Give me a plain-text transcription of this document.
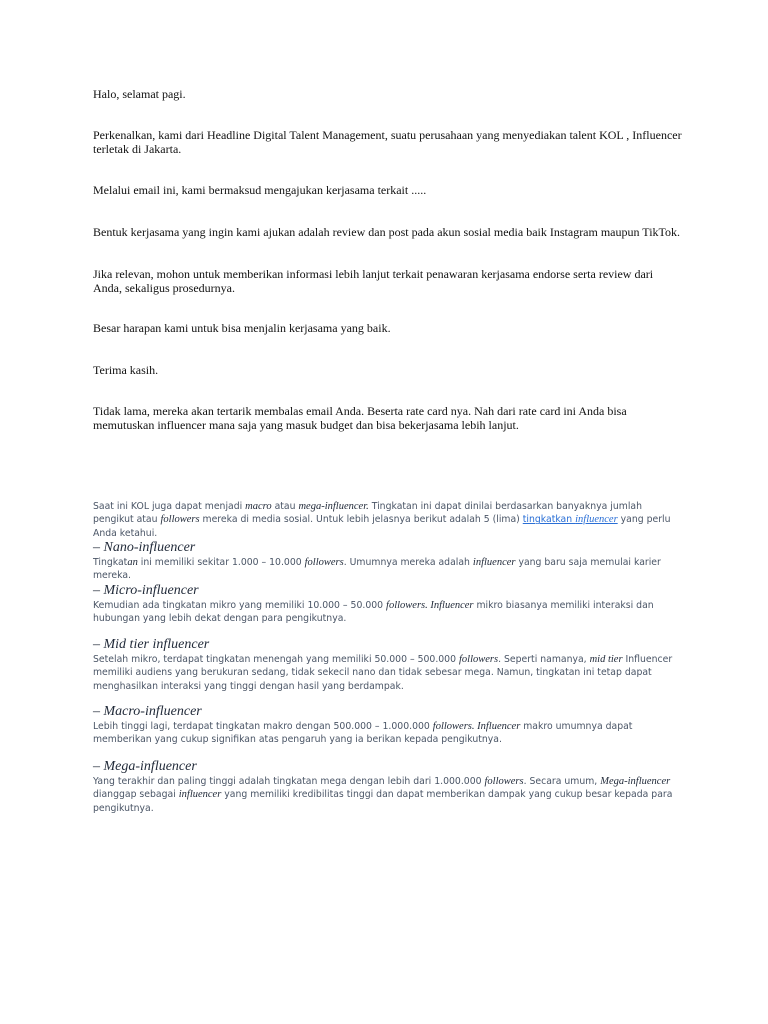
Halo, selamat pagi.
Perkenalkan, kami dari Headline Digital Talent Management, suatu perusahaan yang menyediakan talent KOL , Influencer terletak di Jakarta.
Melalui email ini, kami bermaksud mengajukan kerjasama terkait .....
Bentuk kerjasama yang ingin kami ajukan adalah review dan post pada akun sosial media baik Instagram maupun TikTok.
Jika relevan, mohon untuk memberikan informasi lebih lanjut terkait penawaran kerjasama endorse serta review dari Anda, sekaligus prosedurnya.
Besar harapan kami untuk bisa menjalin kerjasama yang baik.
Terima kasih.
Tidak lama, mereka akan tertarik membalas email Anda. Beserta rate card nya. Nah dari rate card ini Anda bisa memutuskan influencer mana saja yang masuk budget dan bisa bekerjasama lebih lanjut.
Saat ini KOL juga dapat menjadi macro atau mega-influencer. Tingkatan ini dapat dinilai berdasarkan banyaknya jumlah pengikut atau followers mereka di media sosial. Untuk lebih jelasnya berikut adalah 5 (lima) tingkatkan influencer yang perlu Anda ketahui.
– Nano-influencer
Tingkatan ini memiliki sekitar 1.000 – 10.000 followers. Umumnya mereka adalah influencer yang baru saja memulai karier mereka.
– Micro-influencer
Kemudian ada tingkatan mikro yang memiliki 10.000 – 50.000 followers. Influencer mikro biasanya memiliki interaksi dan hubungan yang lebih dekat dengan para pengikutnya.
– Mid tier influencer
Setelah mikro, terdapat tingkatan menengah yang memiliki 50.000 – 500.000 followers. Seperti namanya, mid tier Influencer memiliki audiens yang berukuran sedang, tidak sekecil nano dan tidak sebesar mega. Namun, tingkatan ini tetap dapat menghasilkan interaksi yang tinggi dengan hasil yang berdampak.
– Macro-influencer
Lebih tinggi lagi, terdapat tingkatan makro dengan 500.000 – 1.000.000 followers. Influencer makro umumnya dapat memberikan yang cukup signifikan atas pengaruh yang ia berikan kepada pengikutnya.
– Mega-influencer
Yang terakhir dan paling tinggi adalah tingkatan mega dengan lebih dari 1.000.000 followers. Secara umum, Mega-influencer dianggap sebagai influencer yang memiliki kredibilitas tinggi dan dapat memberikan dampak yang cukup besar kepada para pengikutnya.
